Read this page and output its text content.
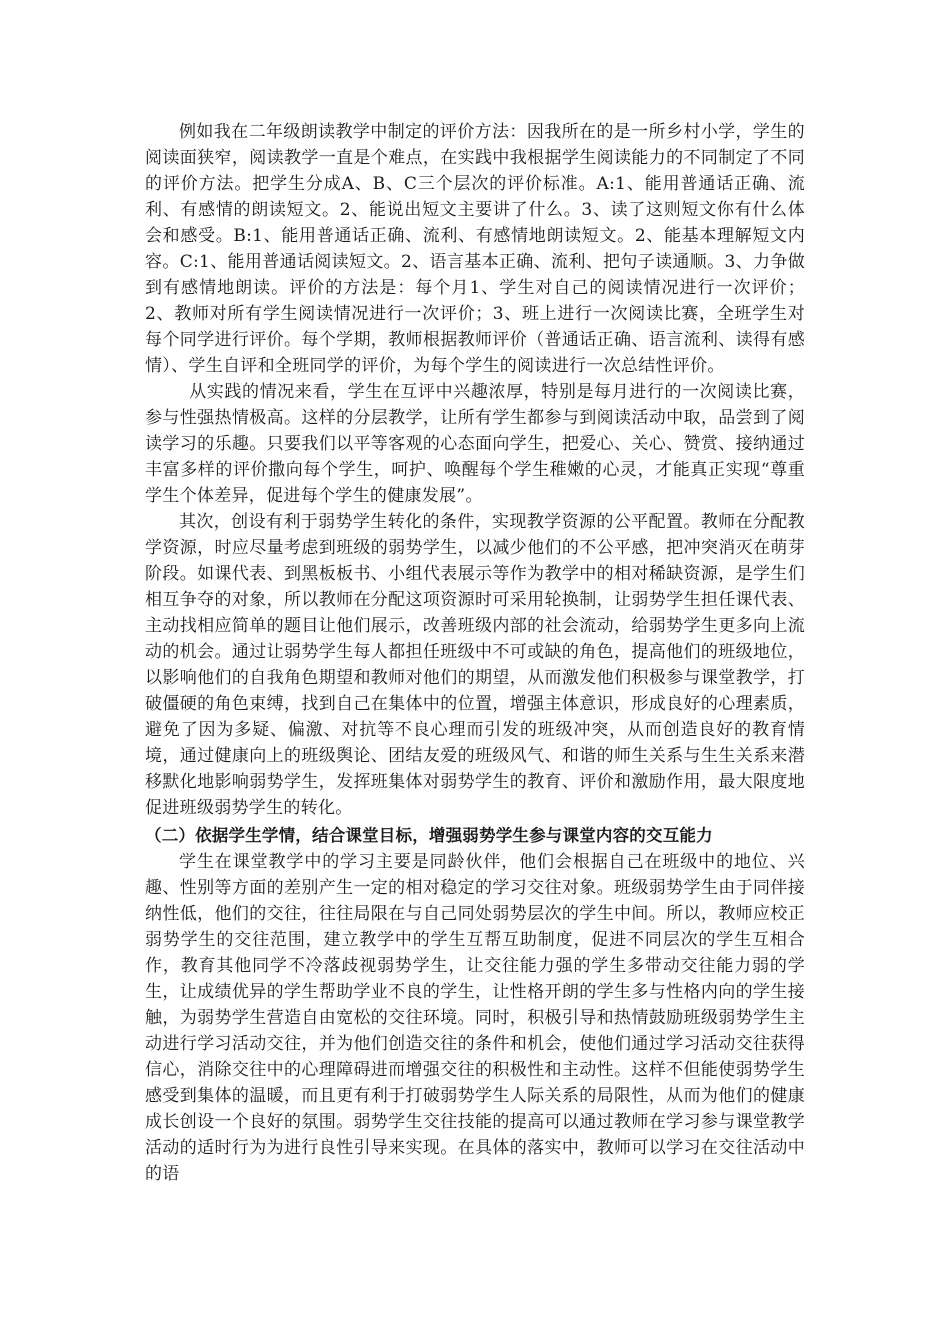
例如我在二年级朗读教学中制定的评价方法：因我所在的是一所乡村小学，学生的阅读面狭窄，阅读教学一直是个难点，在实践中我根据学生阅读能力的不同制定了不同的评价方法。把学生分成A、B、C三个层次的评价标准。A:1、能用普通话正确、流利、有感情的朗读短文。2、能说出短文主要讲了什么。3、读了这则短文你有什么体会和感受。B:1、能用普通话正确、流利、有感情地朗读短文。2、能基本理解短文内容。C:1、能用普通话阅读短文。2、语言基本正确、流利、把句子读通顺。3、力争做到有感情地朗读。评价的方法是：每个月1、学生对自己的阅读情况进行一次评价；2、教师对所有学生阅读情况进行一次评价；3、班上进行一次阅读比赛，全班学生对每个同学进行评价。每个学期，教师根据教师评价（普通话正确、语言流利、读得有感情）、学生自评和全班同学的评价，为每个学生的阅读进行一次总结性评价。

从实践的情况来看，学生在互评中兴趣浓厚，特别是每月进行的一次阅读比赛，参与性强热情极高。这样的分层教学，让所有学生都参与到阅读活动中取，品尝到了阅读学习的乐趣。只要我们以平等客观的心态面向学生，把爱心、关心、赞赏、接纳通过丰富多样的评价撒向每个学生，呵护、唤醒每个学生稚嫩的心灵，才能真正实现“尊重学生个体差异，促进每个学生的健康发展”。

其次，创设有利于弱势学生转化的条件，实现教学资源的公平配置。教师在分配教学资源，时应尽量考虑到班级的弱势学生，以减少他们的不公平感，把冲突消灭在萌芽阶段。如课代表、到黑板板书、小组代表展示等作为教学中的相对稀缺资源，是学生们相互争夺的对象，所以教师在分配这项资源时可采用轮换制，让弱势学生担任课代表、主动找相应简单的题目让他们展示，改善班级内部的社会流动，给弱势学生更多向上流动的机会。通过让弱势学生每人都担任班级中不可或缺的角色，提高他们的班级地位，以影响他们的自我角色期望和教师对他们的期望，从而激发他们积极参与课堂教学，打破僵硬的角色束缚，找到自己在集体中的位置，增强主体意识，形成良好的心理素质，避免了因为多疑、偏激、对抗等不良心理而引发的班级冲突，从而创造良好的教育情境，通过健康向上的班级舆论、团结友爱的班级风气、和谐的师生关系与生生关系来潜移默化地影响弱势学生，发挥班集体对弱势学生的教育、评价和激励作用，最大限度地促进班级弱势学生的转化。

（二）依据学生学情，结合课堂目标，增强弱势学生参与课堂内容的交互能力

学生在课堂教学中的学习主要是同龄伙伴，他们会根据自己在班级中的地位、兴趣、性别等方面的差别产生一定的相对稳定的学习交往对象。班级弱势学生由于同伴接纳性低，他们的交往，往往局限在与自己同处弱势层次的学生中间。所以，教师应校正弱势学生的交往范围，建立教学中的学生互帮互助制度，促进不同层次的学生互相合作，教育其他同学不冷落歧视弱势学生，让交往能力强的学生多带动交往能力弱的学生，让成绩优异的学生帮助学业不良的学生，让性格开朗的学生多与性格内向的学生接触，为弱势学生营造自由宽松的交往环境。同时，积极引导和热情鼓励班级弱势学生主动进行学习活动交往，并为他们创造交往的条件和机会，使他们通过学习活动交往获得信心，消除交往中的心理障碍进而增强交往的积极性和主动性。这样不但能使弱势学生感受到集体的温暖，而且更有利于打破弱势学生人际关系的局限性，从而为他们的健康成长创设一个良好的氛围。弱势学生交往技能的提高可以通过教师在学习参与课堂教学活动的适时行为为进行良性引导来实现。在具体的落实中，教师可以学习在交往活动中的语
